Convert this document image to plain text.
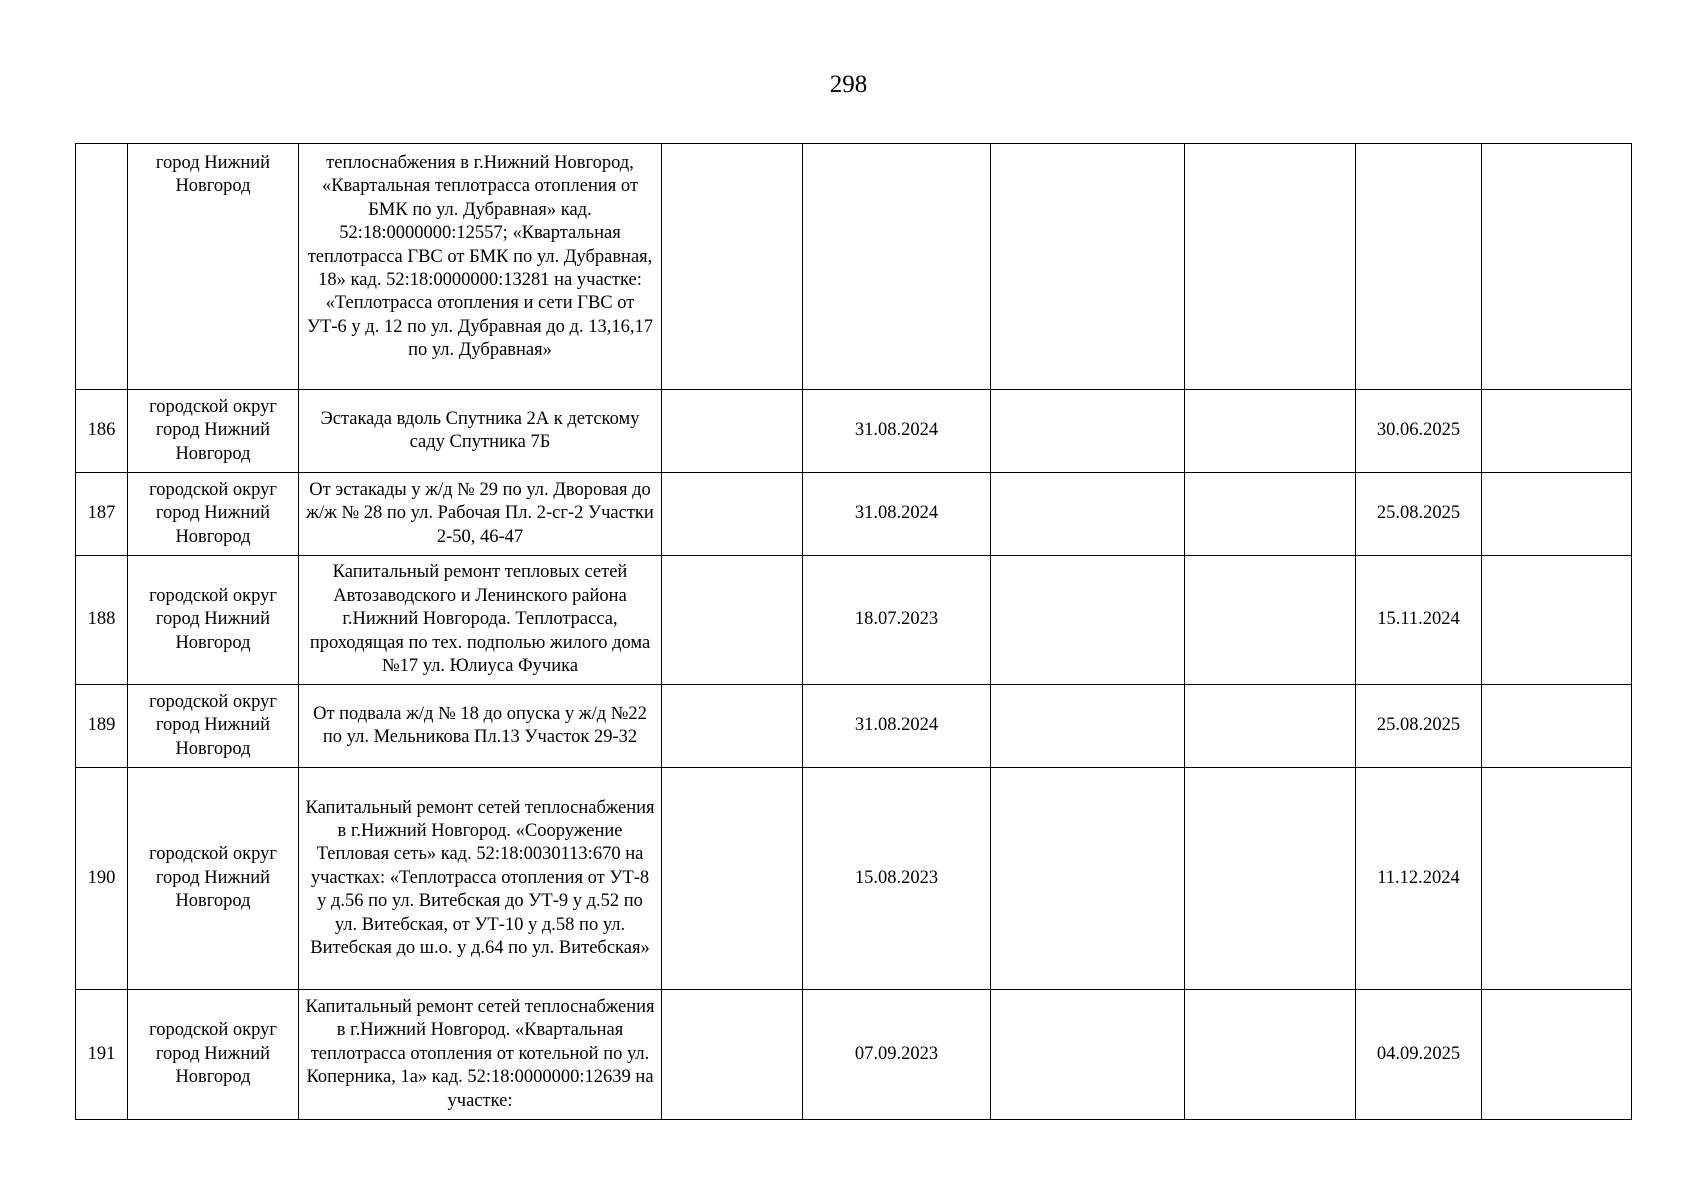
298
	город Нижний Новгород	теплоснабжения в г.Нижний Новгород, «Квартальная теплотрасса отопления от БМК по ул. Дубравная» кад. 52:18:0000000:12557; «Квартальная теплотрасса ГВС от БМК по ул. Дубравная, 18» кад. 52:18:0000000:13281 на участке: «Теплотрасса отопления и сети ГВС от УТ-6 у д. 12 по ул. Дубравная до д. 13,16,17 по ул. Дубравная»						
186	городской округ город Нижний Новгород	Эстакада вдоль Спутника 2А к детскому саду Спутника 7Б		31.08.2024			30.06.2025	
187	городской округ город Нижний Новгород	От эстакады у ж/д № 29 по ул. Дворовая до ж/ж № 28 по ул. Рабочая Пл. 2-сг-2 Участки 2-50, 46-47		31.08.2024			25.08.2025	
188	городской округ город Нижний Новгород	Капитальный ремонт тепловых сетей Автозаводского и Ленинского района г.Нижний Новгорода. Теплотрасса, проходящая по тех. подполью жилого дома №17 ул. Юлиуса Фучика		18.07.2023			15.11.2024	
189	городской округ город Нижний Новгород	От подвала ж/д № 18 до опуска у ж/д №22 по ул. Мельникова Пл.13 Участок 29-32		31.08.2024			25.08.2025	
190	городской округ город Нижний Новгород	Капитальный ремонт сетей теплоснабжения в г.Нижний Новгород. «Сооружение Тепловая сеть» кад. 52:18:0030113:670 на участках: «Теплотрасса отопления от УТ-8 у д.56 по ул. Витебская до УТ-9 у д.52 по ул. Витебская, от УТ-10 у д.58 по ул. Витебская до ш.о. у д.64 по ул. Витебская»		15.08.2023			11.12.2024	
191	городской округ город Нижний Новгород	Капитальный ремонт сетей теплоснабжения в г.Нижний Новгород. «Квартальная теплотрасса отопления от котельной по ул. Коперника, 1а» кад. 52:18:0000000:12639 на участке:		07.09.2023			04.09.2025	
